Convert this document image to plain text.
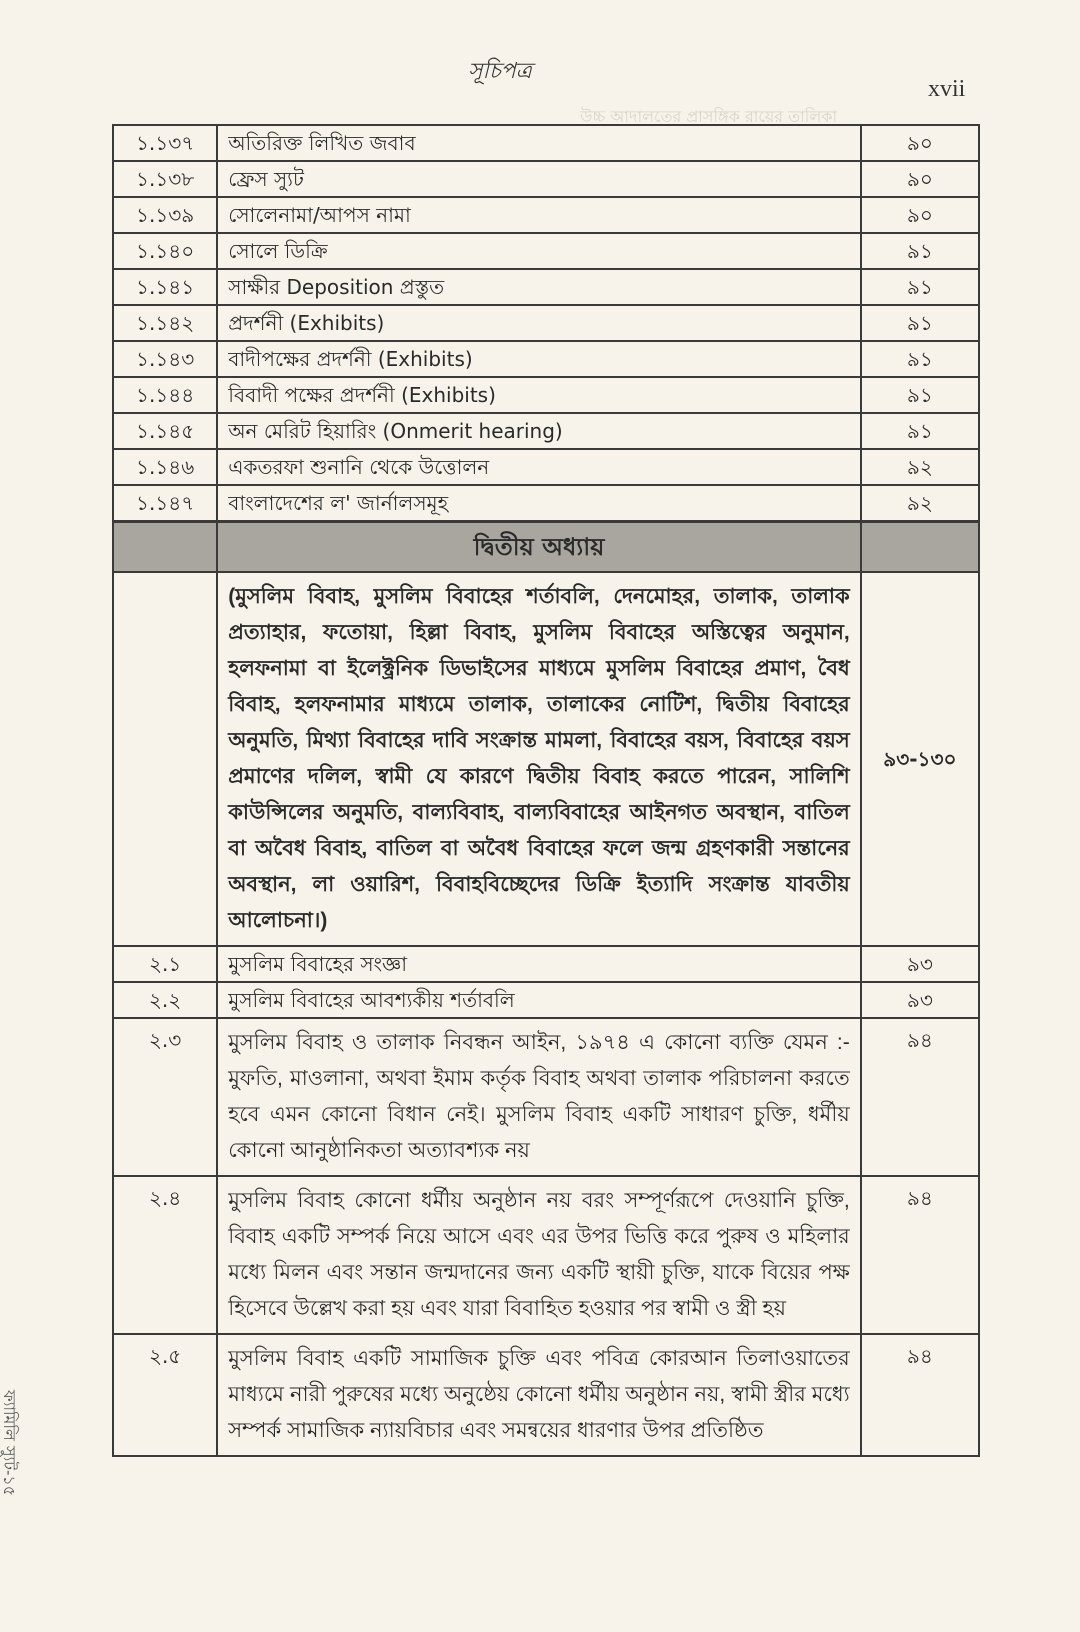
সূচিপত্র
উচ্চ আদালতের প্রাসঙ্গিক রায়ের তালিকা
xvii
ফ্যামিলি স্যুট-১৫
১.১৩৭	অতিরিক্ত লিখিত জবাব	৯০
১.১৩৮	ফ্রেস স্যুট	৯০
১.১৩৯	সোলেনামা/আপস নামা	৯০
১.১৪০	সোলে ডিক্রি	৯১
১.১৪১	সাক্ষীর Deposition প্রস্তুত	৯১
১.১৪২	প্রদর্শনী (Exhibits)	৯১
১.১৪৩	বাদীপক্ষের প্রদর্শনী (Exhibits)	৯১
১.১৪৪	বিবাদী পক্ষের প্রদর্শনী (Exhibits)	৯১
১.১৪৫	অন মেরিট হিয়ারিং (Onmerit hearing)	৯১
১.১৪৬	একতরফা শুনানি থেকে উত্তোলন	৯২
১.১৪৭	বাংলাদেশের ল' জার্নালসমূহ	৯২
	দ্বিতীয় অধ্যায়	
	(মুসলিম বিবাহ, মুসলিম বিবাহের শর্তাবলি, দেনমোহর, তালাক, তালাক প্রত্যাহার, ফতোয়া, হিল্লা বিবাহ, মুসলিম বিবাহের অস্তিত্বের অনুমান, হলফনামা বা ইলেক্ট্রনিক ডিভাইসের মাধ্যমে মুসলিম বিবাহের প্রমাণ, বৈধ বিবাহ, হলফনামার মাধ্যমে তালাক, তালাকের নোটিশ, দ্বিতীয় বিবাহের অনুমতি, মিথ্যা বিবাহের দাবি সংক্রান্ত মামলা, বিবাহের বয়স, বিবাহের বয়স প্রমাণের দলিল, স্বামী যে কারণে দ্বিতীয় বিবাহ করতে পারেন, সালিশি কাউন্সিলের অনুমতি, বাল্যবিবাহ, বাল্যবিবাহের আইনগত অবস্থান, বাতিল বা অবৈধ বিবাহ, বাতিল বা অবৈধ বিবাহের ফলে জন্ম গ্রহণকারী সন্তানের অবস্থান, লা ওয়ারিশ, বিবাহবিচ্ছেদের ডিক্রি ইত্যাদি সংক্রান্ত যাবতীয় আলোচনা।)	৯৩-১৩০
২.১	মুসলিম বিবাহের সংজ্ঞা	৯৩
২.২	মুসলিম বিবাহের আবশ্যকীয় শর্তাবলি	৯৩
২.৩	মুসলিম বিবাহ ও তালাক নিবন্ধন আইন, ১৯৭৪ এ কোনো ব্যক্তি যেমন :- মুফতি, মাওলানা, অথবা ইমাম কর্তৃক বিবাহ অথবা তালাক পরিচালনা করতে হবে এমন কোনো বিধান নেই। মুসলিম বিবাহ একটি সাধারণ চুক্তি, ধর্মীয় কোনো আনুষ্ঠানিকতা অত্যাবশ্যক নয়	৯৪
২.৪	মুসলিম বিবাহ কোনো ধর্মীয় অনুষ্ঠান নয় বরং সম্পূর্ণরূপে দেওয়ানি চুক্তি, বিবাহ একটি সম্পর্ক নিয়ে আসে এবং এর উপর ভিত্তি করে পুরুষ ও মহিলার মধ্যে মিলন এবং সন্তান জন্মদানের জন্য একটি স্থায়ী চুক্তি, যাকে বিয়ের পক্ষ হিসেবে উল্লেখ করা হয় এবং যারা বিবাহিত হওয়ার পর স্বামী ও স্ত্রী হয়	৯৪
২.৫	মুসলিম বিবাহ একটি সামাজিক চুক্তি এবং পবিত্র কোরআন তিলাওয়াতের মাধ্যমে নারী পুরুষের মধ্যে অনুষ্ঠেয় কোনো ধর্মীয় অনুষ্ঠান নয়, স্বামী স্ত্রীর মধ্যে সম্পর্ক সামাজিক ন্যায়বিচার এবং সমন্বয়ের ধারণার উপর প্রতিষ্ঠিত	৯৪
